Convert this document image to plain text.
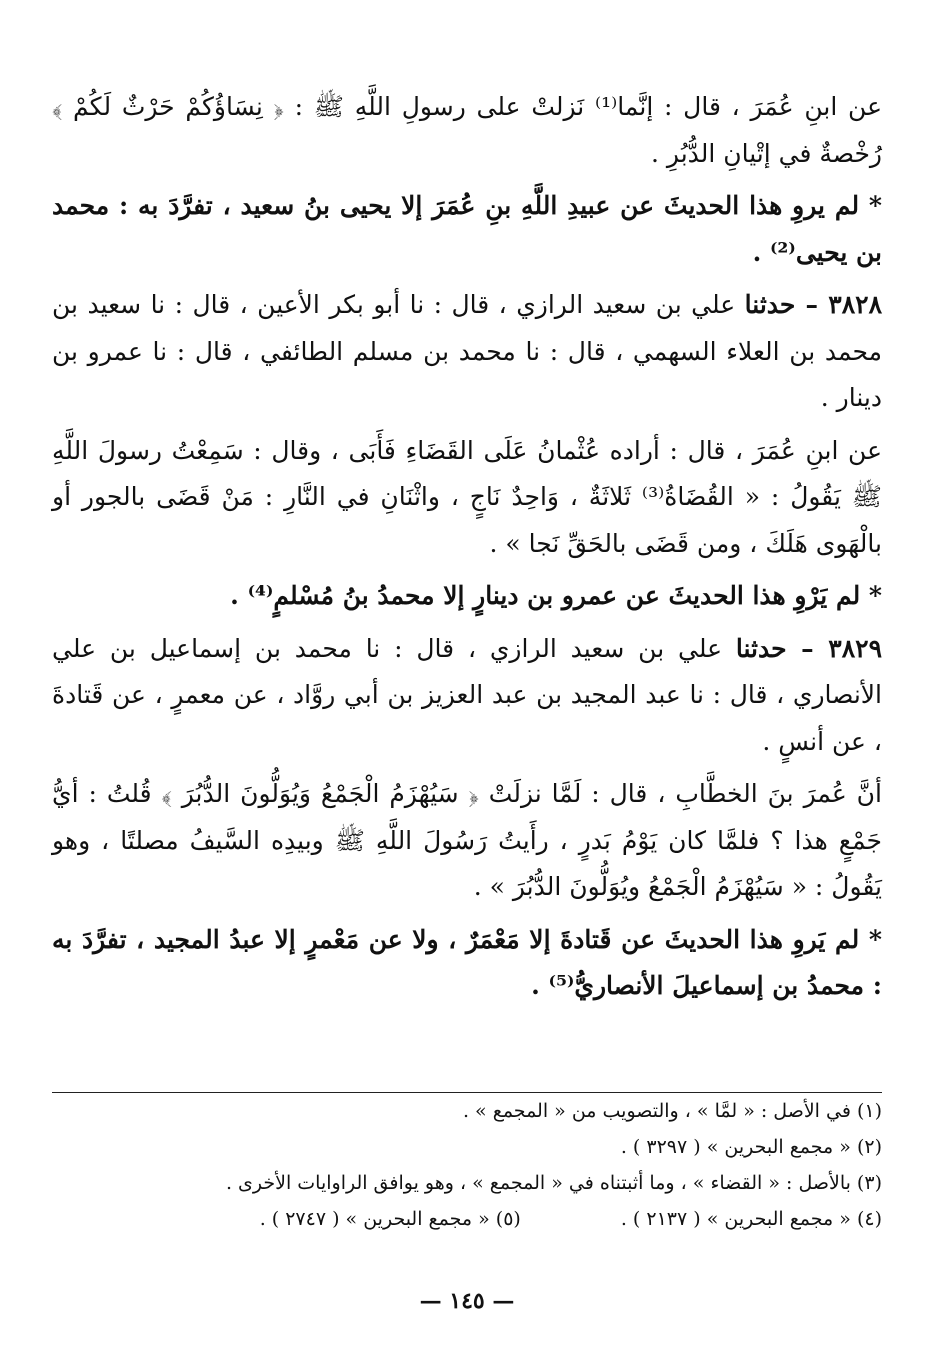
عن ابنِ عُمَرَ ، قال : إنَّما⁽¹⁾ نَزلتْ على رسولِ اللَّهِ ﷺ : ﴿ نِسَاؤُكُمْ حَرْثٌ لَكُمْ ﴾ رُخْصةٌ في إتْيانِ الدُّبُرِ .

* لم يروِ هذا الحديثَ عن عبيدِ اللَّهِ بنِ عُمَرَ إلا يحيى بنُ سعيد ، تفرَّدَ به : محمد بن يحيى⁽²⁾ .

٣٨٢٨ – حدثنا علي بن سعيد الرازي ، قال : نا أبو بكر الأعين ، قال : نا سعيد بن محمد بن العلاء السهمي ، قال : نا محمد بن مسلم الطائفي ، قال : نا عمرو بن دينار .

عن ابنِ عُمَرَ ، قال : أراده عُثْمانُ عَلَى القَضَاءِ فَأَبَى ، وقال : سَمِعْتُ رسولَ اللَّهِ ﷺ يَقُولُ : « القُضَاةُ⁽³⁾ ثَلاثَةٌ ، وَاحِدٌ نَاجٍ ، واثْنَانِ في النَّارِ : مَنْ قَضَى بالجور أو بالْهَوى هَلَكَ ، ومن قَضَى بالحَقِّ نَجا » .

* لم يَرْوِ هذا الحديثَ عن عمرو بن دينارٍ إلا محمدُ بنُ مُسْلمٍ⁽⁴⁾ .

٣٨٢٩ – حدثنا علي بن سعيد الرازي ، قال : نا محمد بن إسماعيل بن علي الأنصاري ، قال : نا عبد المجيد بن عبد العزيز بن أبي روَّاد ، عن معمرٍ ، عن قَتادةَ ، عن أنسٍ .

أنَّ عُمرَ بنَ الخطَّابِ ، قال : لَمَّا نزلَتْ ﴿ سَيُهْزَمُ الْجَمْعُ وَيُوَلُّونَ الدُّبُرَ ﴾ قُلتُ : أيُّ جَمْعٍ هذا ؟ فلمَّا كان يَوْمُ بَدرٍ ، رأَيتُ رَسُولَ اللَّهِ ﷺ وبيدِه السَّيفُ مصلتًا ، وهو يَقُولُ : « سَيُهْزَمُ الْجَمْعُ ويُوَلُّونَ الدُّبُرَ » .

* لم يَروِ هذا الحديثَ عن قَتادةَ إلا مَعْمَرٌ ، ولا عن مَعْمرٍ إلا عبدُ المجيد ، تفرَّدَ به : محمدُ بن إسماعيلَ الأنصاريُّ⁽⁵⁾ .

(١) في الأصل : « لمَّا » ، والتصويب من « المجمع » .

(٢) « مجمع البحرين » ( ٣٢٩٧ ) .

(٣) بالأصل : « القضاء » ، وما أثبتناه في « المجمع » ، وهو يوافق الراوايات الأخرى .

(٤) « مجمع البحرين » ( ٢١٣٧ ) .(٥) « مجمع البحرين » ( ٢٧٤٧ ) .

— ١٤٥ —
